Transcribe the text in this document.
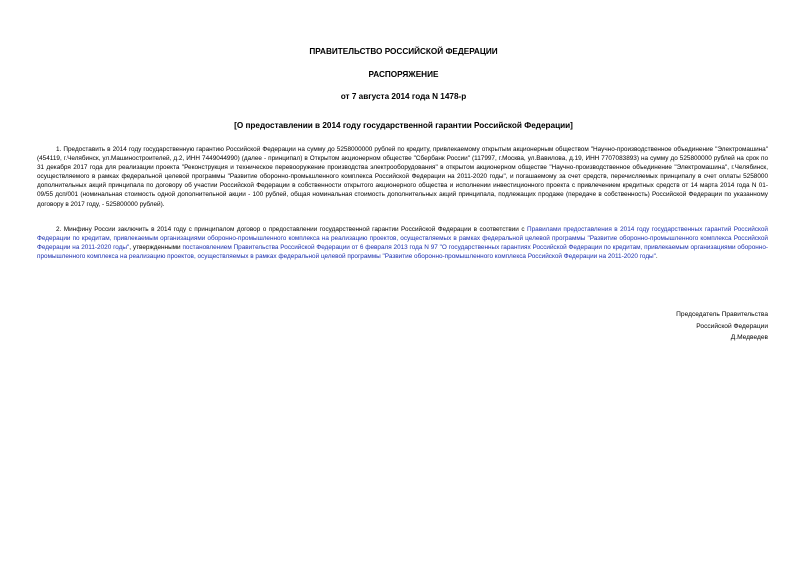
ПРАВИТЕЛЬСТВО РОССИЙСКОЙ ФЕДЕРАЦИИ
РАСПОРЯЖЕНИЕ
от 7 августа 2014 года N 1478-р
[О предоставлении в 2014 году государственной гарантии Российской Федерации]
1. Предоставить в 2014 году государственную гарантию Российской Федерации на сумму до 5258000000 рублей по кредиту, привлекаемому открытым акционерным обществом "Научно-производственное объединение "Электромашина" (454119, г.Челябинск, ул.Машиностроителей, д.2, ИНН 7449044990) (далее - принципал) в Открытом акционерном обществе "Сбербанк России" (117997, г.Москва, ул.Вавилова, д.19, ИНН 7707083893) на сумму до 525800000 рублей на срок по 31 декабря 2017 года для реализации проекта "Реконструкция и техническое перевооружение производства электрооборудования" в открытом акционерном обществе "Научно-производственное объединение "Электромашина", г.Челябинск, осуществляемого в рамках федеральной целевой программы "Развитие оборонно-промышленного комплекса Российской Федерации на 2011-2020 годы", и погашаемому за счет средств, перечисляемых принципалу в счет оплаты 5258000 дополнительных акций принципала по договору об участии Российской Федерации в собственности открытого акционерного общества и исполнении инвестиционного проекта с привлечением кредитных средств от 14 марта 2014 года N 01-09/55 дсп/001 (номинальная стоимость одной дополнительной акции - 100 рублей, общая номинальная стоимость дополнительных акций принципала, подлежащих продаже (передаче в собственность) Российской Федерации по указанному договору в 2017 году, - 525800000 рублей).
2. Минфину России заключить в 2014 году с принципалом договор о предоставлении государственной гарантии Российской Федерации в соответствии с Правилами предоставления в 2014 году государственных гарантий Российской Федерации по кредитам, привлекаемым организациями оборонно-промышленного комплекса на реализацию проектов, осуществляемых в рамках федеральной целевой программы "Развитие оборонно-промышленного комплекса Российской Федерации на 2011-2020 годы", утвержденными постановлением Правительства Российской Федерации от 6 февраля 2013 года N 97 "О государственных гарантиях Российской Федерации по кредитам, привлекаемым организациями оборонно-промышленного комплекса на реализацию проектов, осуществляемых в рамках федеральной целевой программы "Развитие оборонно-промышленного комплекса Российской Федерации на 2011-2020 годы".
Председатель Правительства
Российской Федерации
Д.Медведев
